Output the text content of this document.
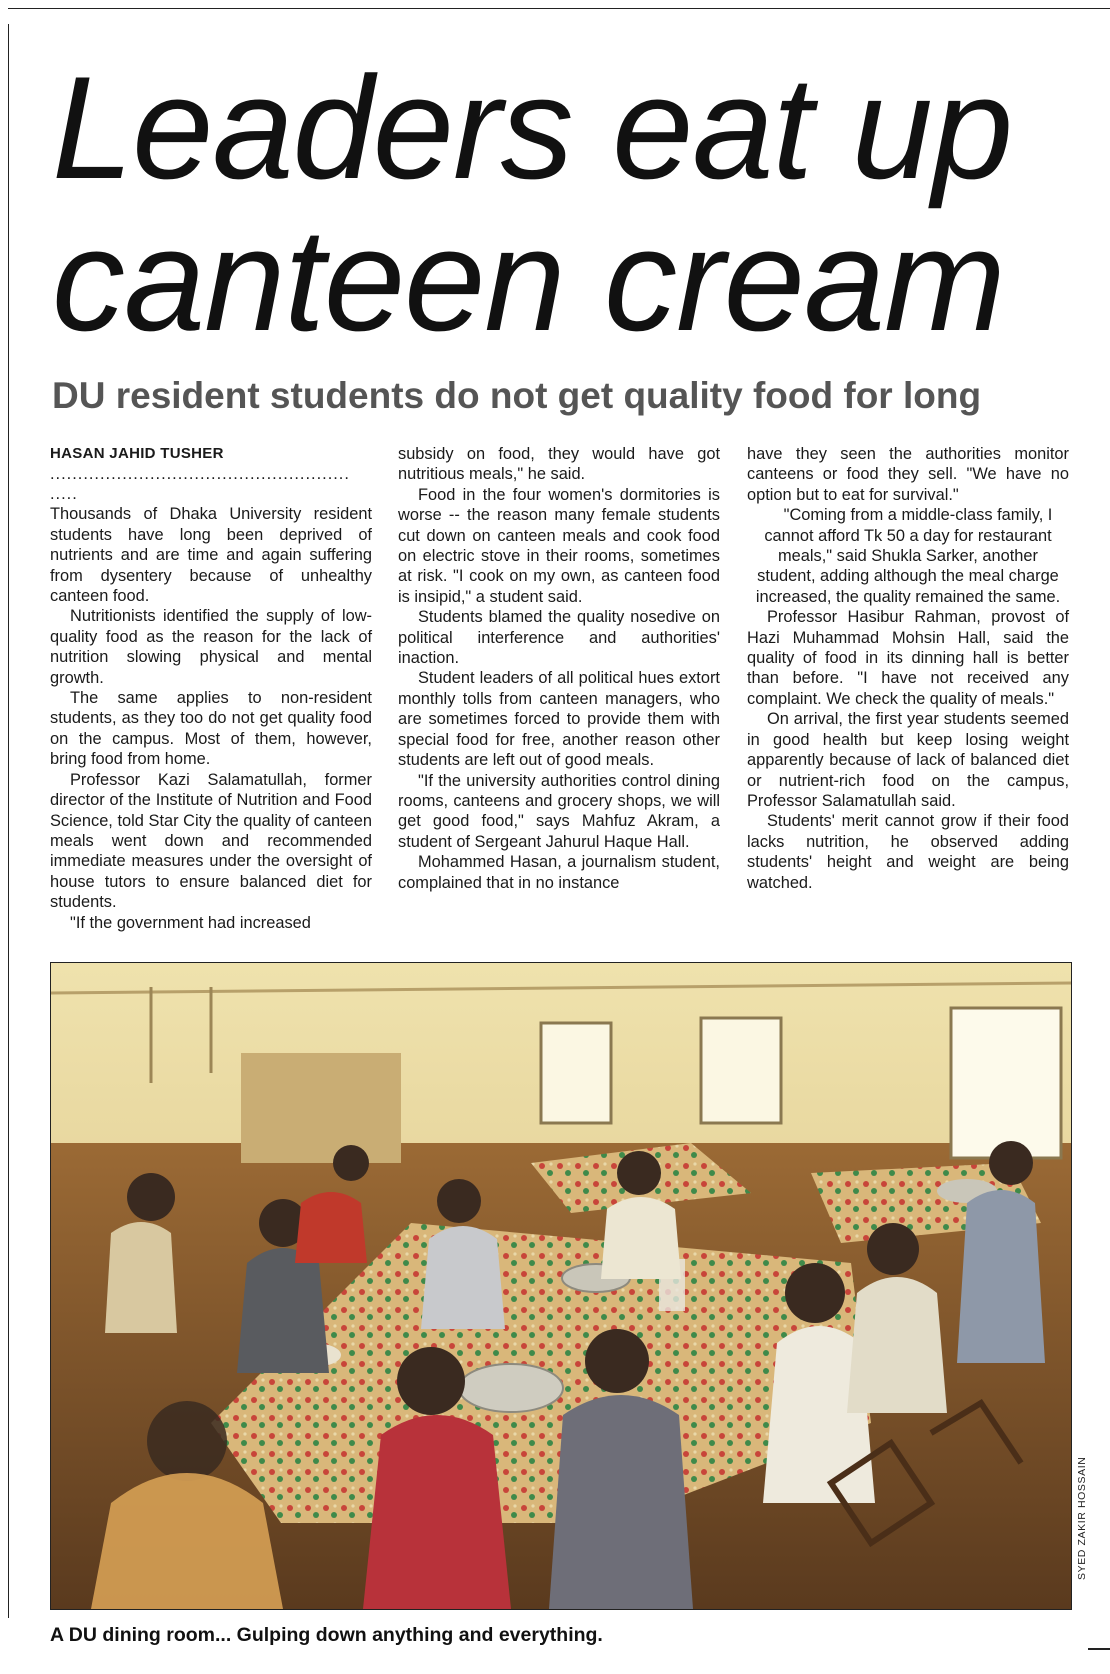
Leaders eat up
canteen cream
DU resident students do not get quality food for long

HASAN JAHID TUSHER

......................................................

.....

Thousands of Dhaka University resident students have long been deprived of nutrients and are time and again suffering from dysentery because of unhealthy canteen food.

Nutritionists identified the supply of low-quality food as the reason for the lack of nutrition slowing physical and mental growth.

The same applies to non-resident students, as they too do not get quality food on the campus. Most of them, however, bring food from home.

Professor Kazi Salamatullah, former director of the Institute of Nutrition and Food Science, told Star City the quality of canteen meals went down and recommended immediate measures under the oversight of house tutors to ensure balanced diet for students.

"If the government had increased

subsidy on food, they would have got nutritious meals," he said.

Food in the four women's dormitories is worse -- the reason many female students cut down on canteen meals and cook food on electric stove in their rooms, sometimes at risk. "I cook on my own, as canteen food is insipid," a student said.

Students blamed the quality nosedive on political interference and authorities' inaction.

Student leaders of all political hues extort monthly tolls from canteen managers, who are sometimes forced to provide them with special food for free, another reason other students are left out of good meals.

"If the university authorities control dining rooms, canteens and grocery shops, we will get good food," says Mahfuz Akram, a student of Sergeant Jahurul Haque Hall.

Mohammed Hasan, a journalism student, complained that in no instance

have they seen the authorities monitor canteens or food they sell. "We have no option but to eat for survival."

"Coming from a middle-class family, I cannot afford Tk 50 a day for restaurant meals," said Shukla Sarker, another student, adding although the meal charge increased, the quality remained the same.

Professor Hasibur Rahman, provost of Hazi Muhammad Mohsin Hall, said the quality of food in its dinning hall is better than before. "I have not received any complaint. We check the quality of meals."

On arrival, the first year students seemed in good health but keep losing weight apparently because of lack of balanced diet or nutrient-rich food on the campus, Professor Salamatullah said.

Students' merit cannot grow if their food lacks nutrition, he observed adding students' height and weight are being watched.

SYED ZAKIR HOSSAIN

A DU dining room... Gulping down anything and everything.
